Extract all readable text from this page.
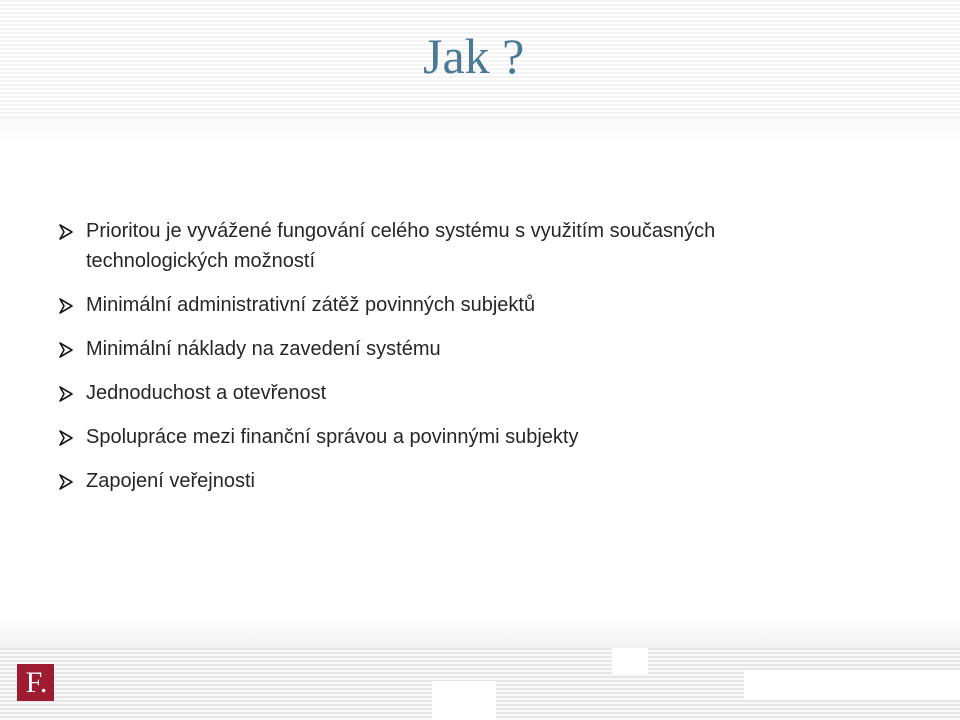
Jak ?
Prioritou je vyvážené fungování celého systému s využitím současných technologických možností
Minimální administrativní zátěž povinných subjektů
Minimální náklady na zavedení systému
Jednoduchost a otevřenost
Spolupráce mezi finanční správou a povinnými subjekty
Zapojení veřejnosti
F.
